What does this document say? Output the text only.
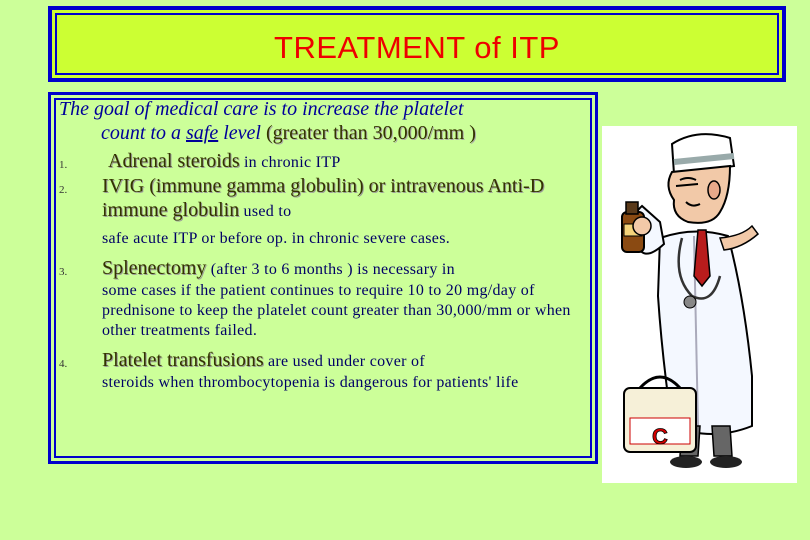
TREATMENT of ITP

The goal of medical care is to increase the platelet
count to a safe level (greater than 30,000/mm )

1. Adrenal steroids in chronic ITP
2. IVIG (immune gamma globulin) or intravenous Anti-D immune globulin used to
safe acute ITP or before op. in chronic severe cases.
3. Splenectomy (after 3 to 6 months ) is necessary in
some cases if the patient continues to require 10 to 20 mg/day of prednisone to keep the platelet count greater than 30,000/mm or when other treatments failed.
4. Platelet transfusions are used under cover of
steroids when thrombocytopenia is dangerous for patients' life
C
